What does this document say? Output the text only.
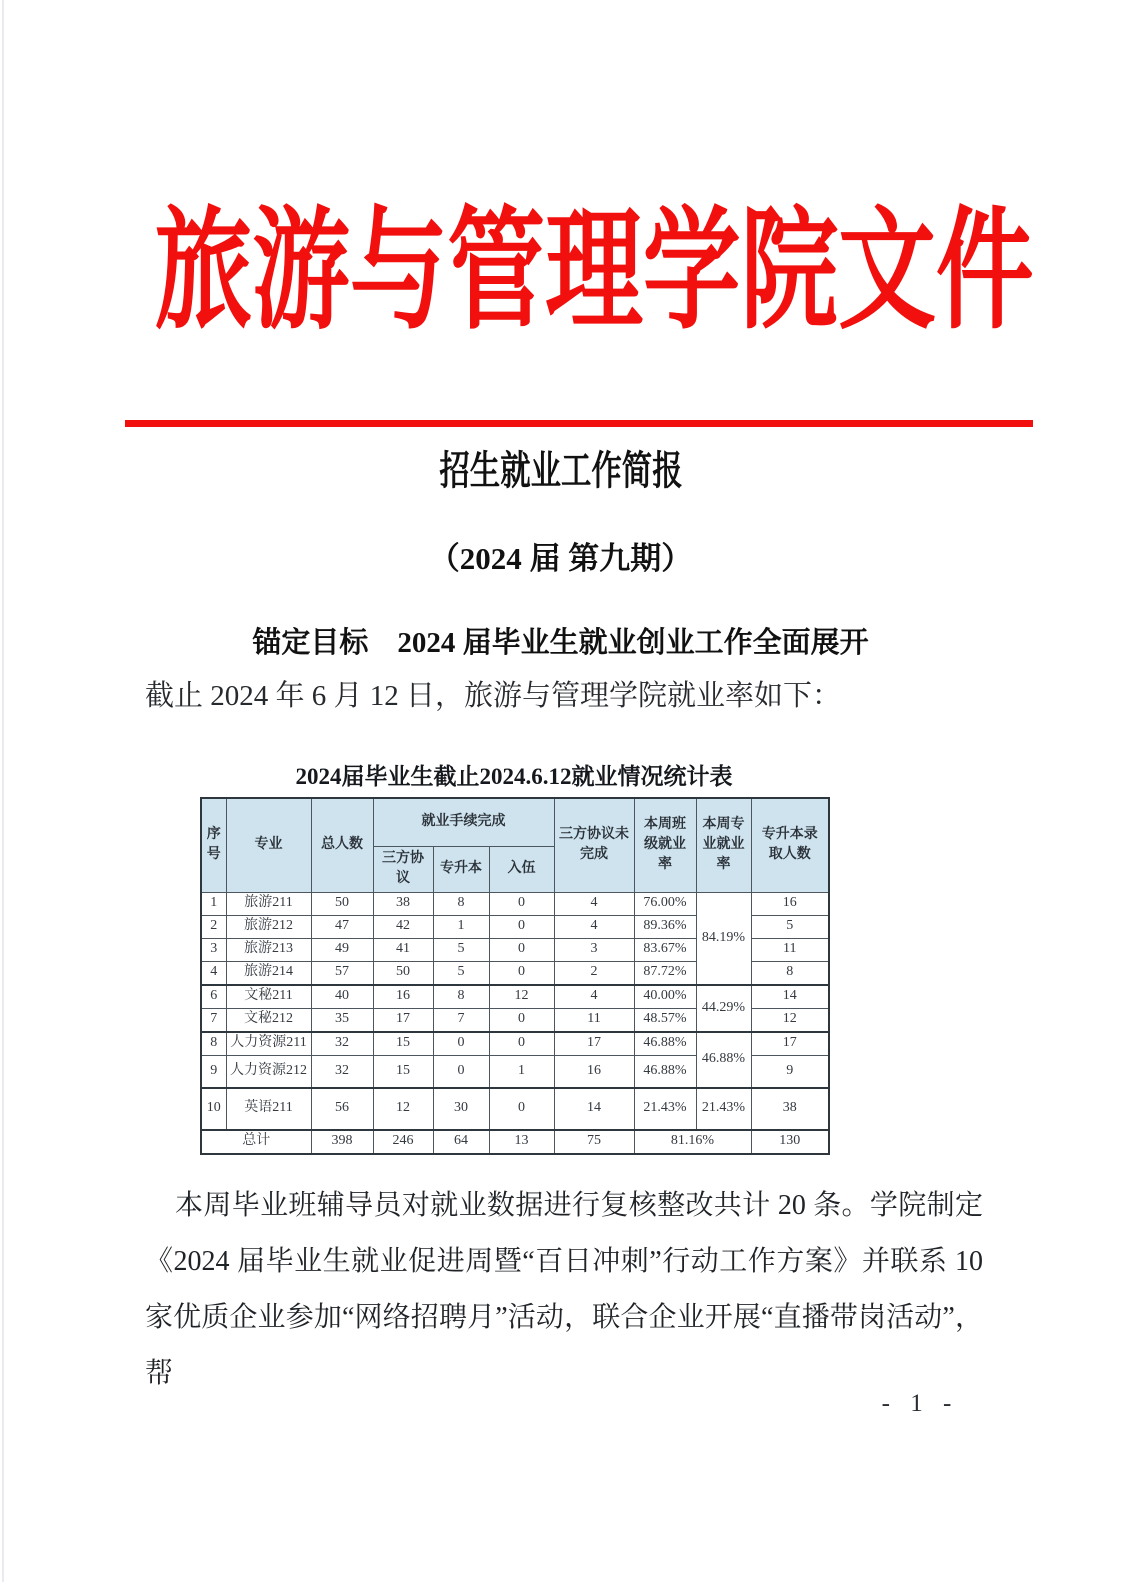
旅游与管理学院文件
招生就业工作简报
（2024 届 第九期）
锚定目标　2024 届毕业生就业创业工作全面展开
截止 2024 年 6 月 12 日，旅游与管理学院就业率如下：
2024届毕业生截止2024.6.12就业情况统计表
序号	专业	总人数	就业手续完成			三方协议未完成	本周班级就业率	本周专业就业率	专升本录取人数
			三方协议	专升本	入伍				
1	旅游211	50	38	8	0	4	76.00%	84.19%	16
2	旅游212	47	42	1	0	4	89.36%		5
3	旅游213	49	41	5	0	3	83.67%		11
4	旅游214	57	50	5	0	2	87.72%		8
6	文秘211	40	16	8	12	4	40.00%	44.29%	14
7	文秘212	35	17	7	0	11	48.57%		12
8	人力资源211	32	15	0	0	17	46.88%	46.88%	17
9	人力资源212	32	15	0	1	16	46.88%		9
10	英语211	56	12	30	0	14	21.43%	21.43%	38
总计		398	246	64	13	75	81.16%		130
本周毕业班辅导员对就业数据进行复核整改共计 20 条。学院制定《2024 届毕业生就业促进周暨“百日冲刺”行动工作方案》并联系 10 家优质企业参加“网络招聘月”活动，联合企业开展“直播带岗活动”，帮
- 1 -
